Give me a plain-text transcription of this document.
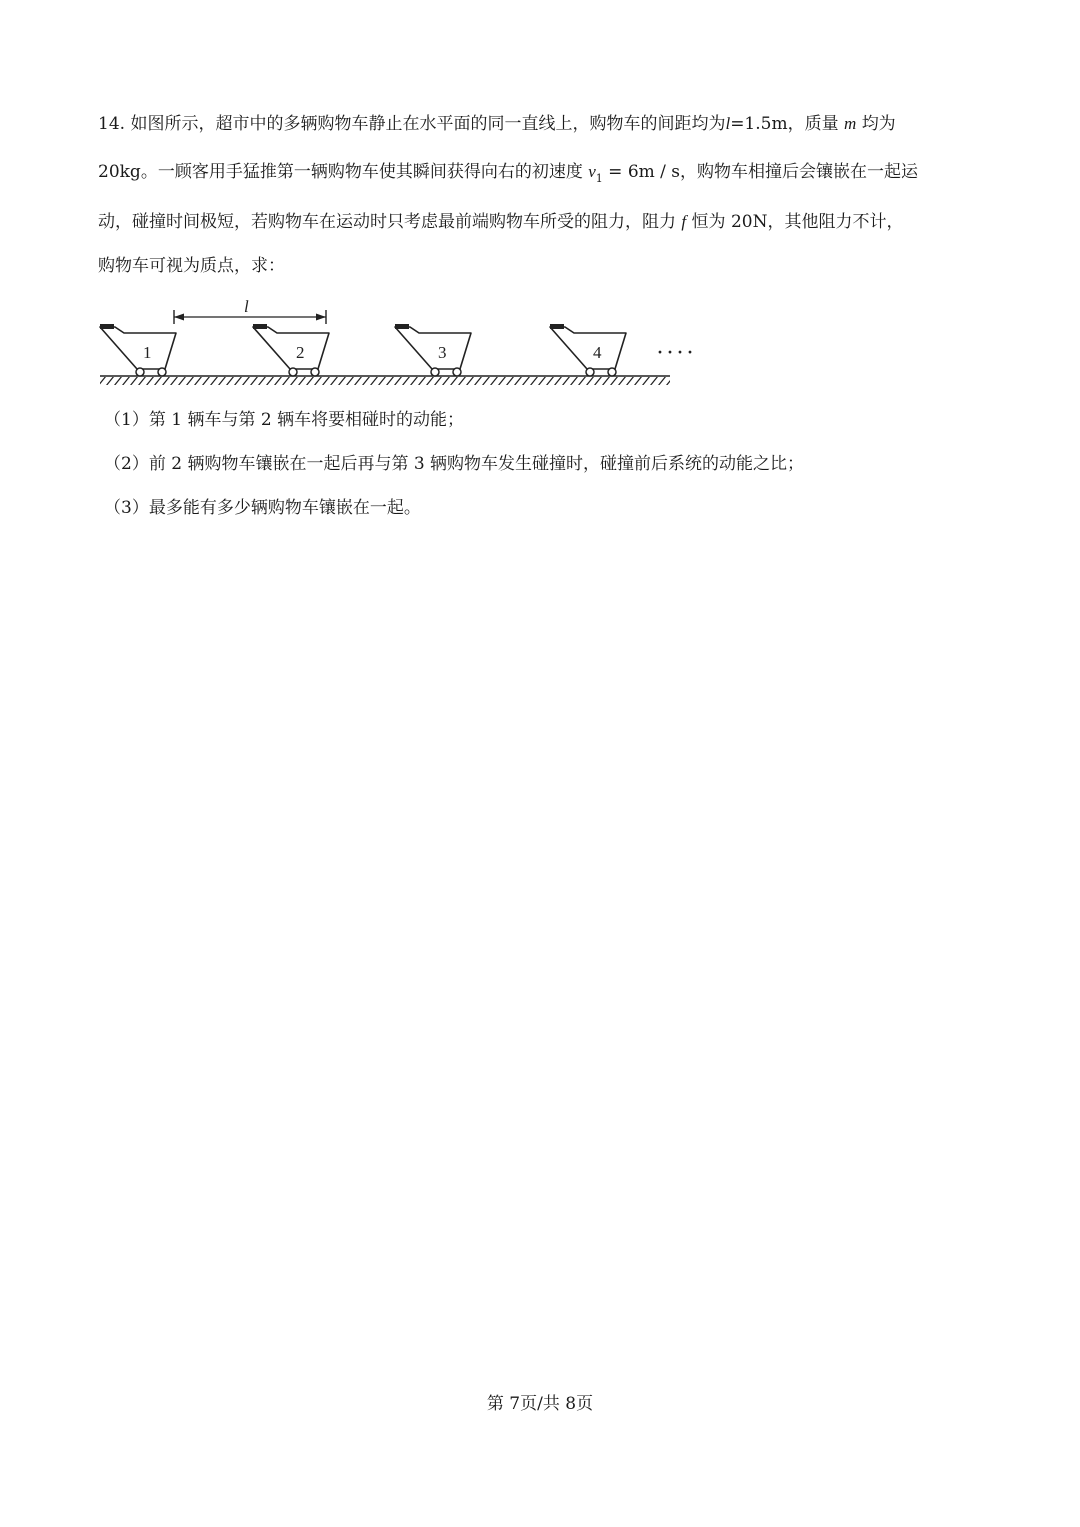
14. 如图所示，超市中的多辆购物车静止在水平面的同一直线上，购物车的间距均为l=1.5m，质量 m 均为
20kg。一顾客用手猛推第一辆购物车使其瞬间获得向右的初速度 $v_1 = 6m / s$，购物车相撞后会镶嵌在一起运
动，碰撞时间极短，若购物车在运动时只考虑最前端购物车所受的阻力，阻力 f 恒为 20N，其他阻力不计，
购物车可视为质点，求：
l
1	2	3	4 ····
（1）第 1 辆车与第 2 辆车将要相碰时的动能；
（2）前 2 辆购物车镶嵌在一起后再与第 3 辆购物车发生碰撞时，碰撞前后系统的动能之比；
（3）最多能有多少辆购物车镶嵌在一起。
第 7页/共 8页
